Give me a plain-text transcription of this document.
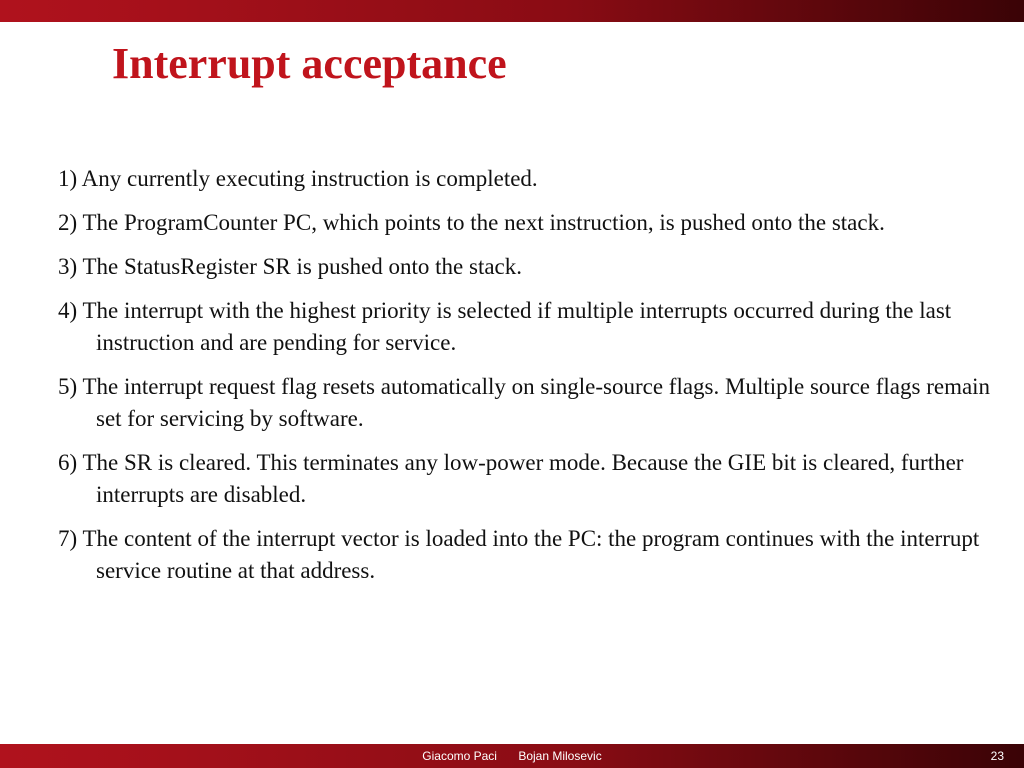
Interrupt acceptance
1) Any currently executing instruction is completed.
2) The ProgramCounter PC, which points to the next instruction, is pushed onto the stack.
3) The StatusRegister SR is pushed onto the stack.
4) The interrupt with the highest priority is selected if multiple interrupts occurred during the last instruction and are pending for service.
5) The interrupt request flag resets automatically on single-source flags. Multiple source flags remain set for servicing by software.
6) The SR is cleared. This terminates any low-power mode. Because the GIE bit is cleared, further interrupts are disabled.
7) The content of the interrupt vector is loaded into the PC: the program continues with the interrupt service routine at that address.
Giacomo Paci Bojan Milosevic	23
